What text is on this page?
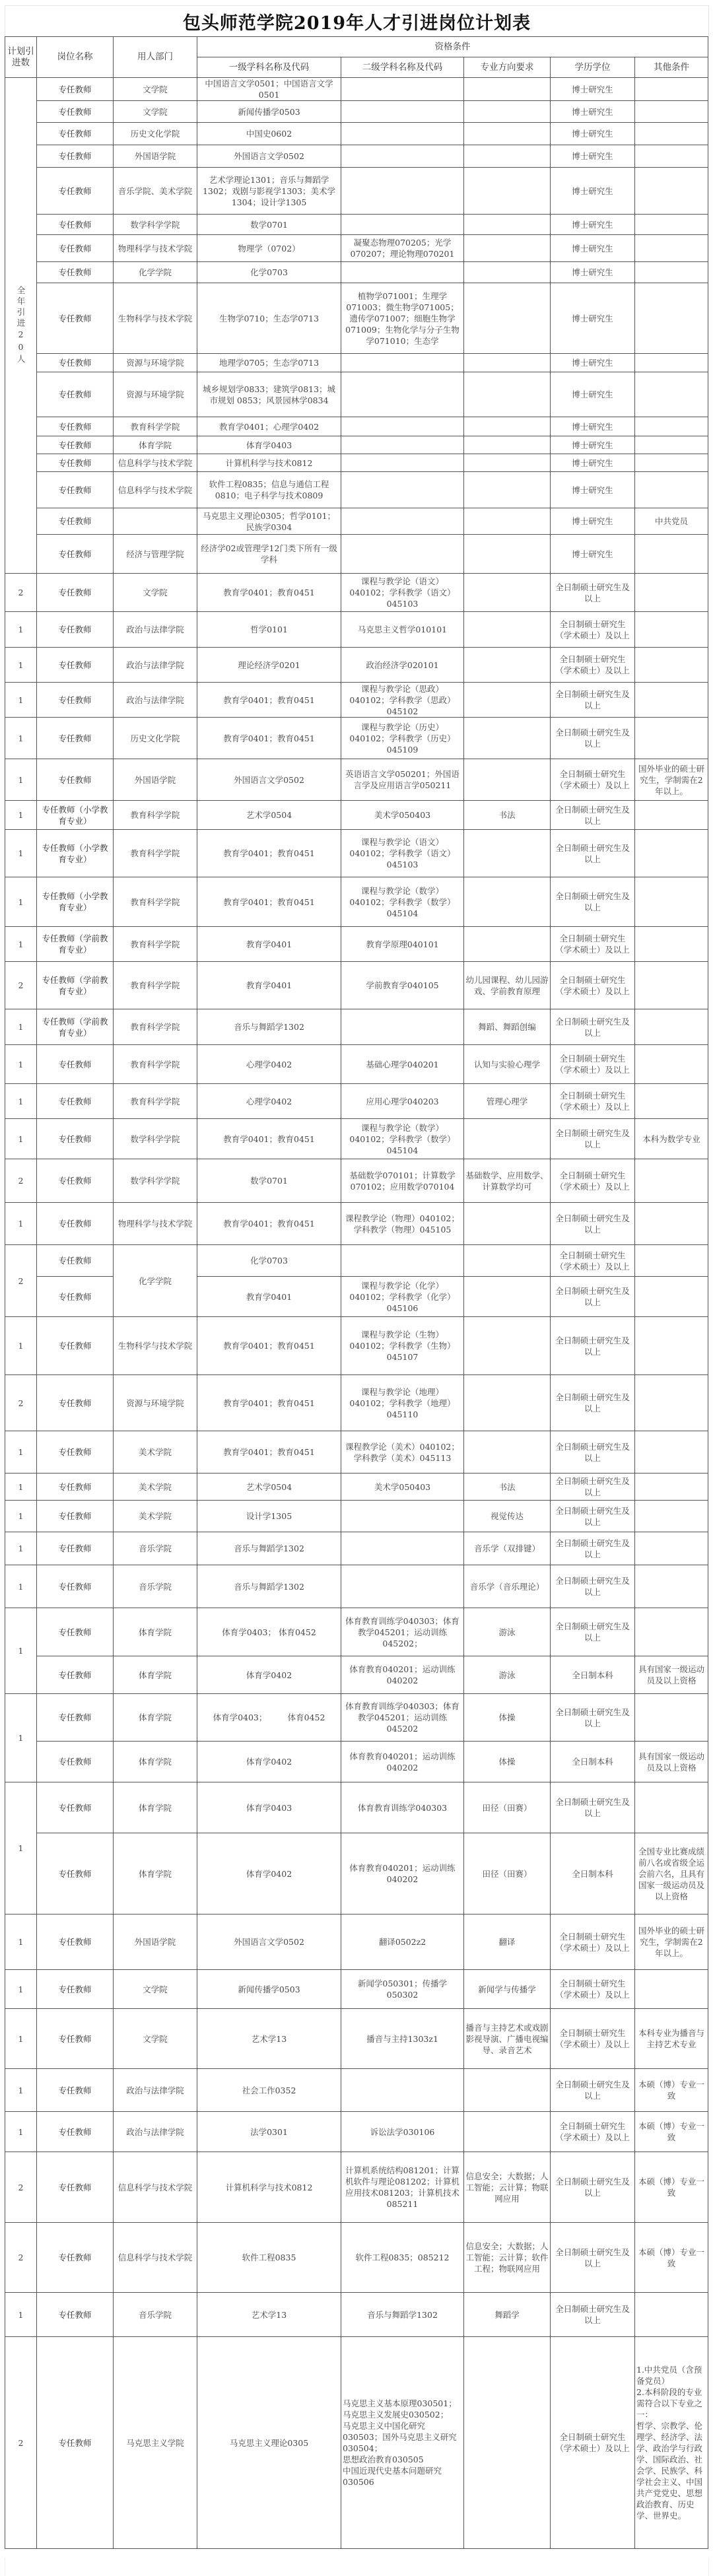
包头师范学院2019年人才引进岗位计划表
计划引进数	岗位名称	用人部门	资格条件				
			一级学科名称及代码	二级学科名称及代码	专业方向要求	学历学位	其他条件

全年引进20人	专任教师	文学院	中国语言文学0501；中国语言文学0501			博士研究生	
	专任教师	文学院	新闻传播学0503			博士研究生	
	专任教师	历史文化学院	中国史0602			博士研究生	
	专任教师	外国语学院	外国语言文学0502			博士研究生	
	专任教师	音乐学院、美术学院	艺术学理论1301；音乐与舞蹈学1302；戏剧与影视学1303；美术学1304；设计学1305			博士研究生	
	专任教师	数学科学学院	数学0701			博士研究生	
	专任教师	物理科学与技术学院	物理学（0702）	凝聚态物理070205；光学070207；理论物理070201		博士研究生	
	专任教师	化学学院	化学0703			博士研究生	
	专任教师	生物科学与技术学院	生物学0710；生态学0713	植物学071001；生理学071003；微生物学071005；遗传学071007；细胞生物学071009；生物化学与分子生物学071010；生态学		博士研究生	
	专任教师	资源与环境学院	地理学0705；生态学0713			博士研究生	
	专任教师	资源与环境学院	城乡规划学0833；建筑学0813；城市规划 0853；风景园林学0834			博士研究生	
	专任教师	教育科学学院	教育学0401；心理学0402			博士研究生	
	专任教师	体育学院	体育学0403			博士研究生	
	专任教师	信息科学与技术学院	计算机科学与技术0812			博士研究生	
	专任教师	信息科学与技术学院	软件工程0835；信息与通信工程0810；电子科学与技术0809			博士研究生	
	专任教师		马克思主义理论0305；哲学0101；民族学0304			博士研究生	中共党员
	专任教师	经济与管理学院	经济学02或管理学12门类下所有一级学科			博士研究生	
2	专任教师	文学院	教育学0401；教育0451	课程与教学论（语文）040102；学科教学（语文）045103		全日制硕士研究生及以上	
1	专任教师	政治与法律学院	哲学0101	马克思主义哲学010101		全日制硕士研究生（学术硕士）及以上	
1	专任教师	政治与法律学院	理论经济学0201	政治经济学020101		全日制硕士研究生（学术硕士）及以上	
1	专任教师	政治与法律学院	教育学0401；教育0451	课程与教学论（思政）040102；学科教学（思政）045102		全日制硕士研究生及以上	
1	专任教师	历史文化学院	教育学0401；教育0451	课程与教学论（历史）040102；学科教学（历史）045109		全日制硕士研究生及以上	
1	专任教师	外国语学院	外国语言文学0502	英语语言文学050201；外国语言学及应用语言学050211		全日制硕士研究生（学术硕士）及以上	国外毕业的硕士研究生，学制需在2年以上。
1	专任教师（小学教育专业）	教育科学学院	艺术学0504	美术学050403	书法	全日制硕士研究生及以上	
1	专任教师（小学教育专业）	教育科学学院	教育学0401；教育0451	课程与教学论（语文）040102；学科教学（语文）045103		全日制硕士研究生及以上	
1	专任教师（小学教育专业）	教育科学学院	教育学0401；教育0451	课程与教学论（数学）040102；学科教学（数学）045104		全日制硕士研究生及以上	
1	专任教师（学前教育专业）	教育科学学院	教育学0401	教育学原理040101		全日制硕士研究生（学术硕士）及以上	
2	专任教师（学前教育专业）	教育科学学院	教育学0401	学前教育学040105	幼儿园课程、幼儿园游戏、学前教育原理	全日制硕士研究生（学术硕士）及以上	
1	专任教师（学前教育专业）	教育科学学院	音乐与舞蹈学1302		舞蹈、舞蹈创编	全日制硕士研究生及以上	
1	专任教师	教育科学学院	心理学0402	基础心理学040201	认知与实验心理学	全日制硕士研究生（学术硕士）及以上	
1	专任教师	教育科学学院	心理学0402	应用心理学040203	管理心理学	全日制硕士研究生（学术硕士）及以上	
1	专任教师	数学科学学院	教育学0401；教育0451	课程与教学论（数学）040102；学科教学（数学）045104		全日制硕士研究生及以上	本科为数学专业
2	专任教师	数学科学学院	数学0701	基础数学070101；计算数学070102；应用数学070104	基础数学、应用数学、计算数学均可	全日制硕士研究生（学术硕士）及以上	
1	专任教师	物理科学与技术学院	教育学0401；教育0451	课程教学论（物理）040102；学科教学（物理）045105		全日制硕士研究生及以上	
2	专任教师	化学学院	化学0703			全日制硕士研究生（学术硕士）及以上	
	专任教师		教育学0401	课程与教学论（化学）040102；学科教学（化学）045106		全日制硕士研究生及以上	
1	专任教师	生物科学与技术学院	教育学0401；教育0451	课程与教学论（生物）040102；学科教学（生物）045107		全日制硕士研究生及以上	
2	专任教师	资源与环境学院	教育学0401；教育0451	课程与教学论（地理）040102；学科教学（地理）045110		全日制硕士研究生及以上	
1	专任教师	美术学院	教育学0401；教育0451	课程教学论（美术）040102；学科教学（美术）045113		全日制硕士研究生及以上	
1	专任教师	美术学院	艺术学0504	美术学050403	书法	全日制硕士研究生及以上	
1	专任教师	美术学院	设计学1305		视觉传达	全日制硕士研究生及以上	
1	专任教师	音乐学院	音乐与舞蹈学1302		音乐学（双排键）	全日制硕士研究生及以上	
1	专任教师	音乐学院	音乐与舞蹈学1302		音乐学（音乐理论）	全日制硕士研究生及以上	
1	专任教师	体育学院	体育学0403； 体育0452	体育教育训练学040303；体育教学045201；运动训练045202；	游泳	全日制硕士研究生及以上	
	专任教师	体育学院	体育学0402	体育教育040201；运动训练040202	游泳	全日制本科	具有国家一级运动员及以上资格
1	专任教师	体育学院	体育学0403；　　　体育0452	体育教育训练学040303；体育教学045201；运动训练045202	体操	全日制硕士研究生及以上	
	专任教师	体育学院	体育学0402	体育教育040201；运动训练040202	体操	全日制本科	具有国家一级运动员及以上资格
1	专任教师	体育学院	体育学0403	体育教育训练学040303	田径（田赛）	全日制硕士研究生及以上	
	专任教师	体育学院	体育学0402	体育教育040201；运动训练040202	田径（田赛）	全日制本科	全国专业比赛成绩前八名或省级全运会前六名，且具有国家一级运动员及以上资格
1	专任教师	外国语学院	外国语言文学0502	翻译0502z2	翻译	全日制硕士研究生（学术硕士）及以上	国外毕业的硕士研究生，学制需在2年以上。
1	专任教师	文学院	新闻传播学0503	新闻学050301；传播学050302	新闻学与传播学	全日制硕士研究生（学术硕士）及以上	
1	专任教师	文学院	艺术学13	播音与主持1303z1	播音与主持艺术或戏剧影视导演、广播电视编导、录音艺术	全日制硕士研究生（学术硕士）及以上	本科专业为播音与主持艺术专业
1	专任教师	政治与法律学院	社会工作0352			全日制硕士研究生及以上	本硕（博）专业一致
1	专任教师	政治与法律学院	法学0301	诉讼法学030106		全日制硕士研究生（学术硕士）及以上	本硕（博）专业一致
2	专任教师	信息科学与技术学院	计算机科学与技术0812	计算机系统结构081201；计算机软件与理论081202；计算机应用技术081203；计算机技术085211	信息安全；大数据；人工智能；云计算；物联网应用	全日制硕士研究生及以上	本硕（博）专业一致
2	专任教师	信息科学与技术学院	软件工程0835	软件工程0835；085212	信息安全；大数据；人工智能；云计算；软件工程；物联网应用	全日制硕士研究生及以上	本硕（博）专业一致
1	专任教师	音乐学院	艺术学13	音乐与舞蹈学1302	舞蹈学	全日制硕士研究生及以上	
2	专任教师	马克思主义学院	马克思主义理论0305	马克思主义基本原理030501；　马克思主义发展史030502；
马克思主义中国化研究030503；国外马克思主义研究030504；
思想政治教育030505
中国近现代史基本问题研究030506		全日制硕士研究生（学术硕士）及以上	1.中共党员（含预备党员）
2.本科阶段的专业需符合以下专业之一：
哲学、宗教学、伦理学、经济学、法学、政治学与行政学、国际政治、社会学、民族学、科学社会主义、中国共产党党史、思想政治教育、历史学、世界史。
